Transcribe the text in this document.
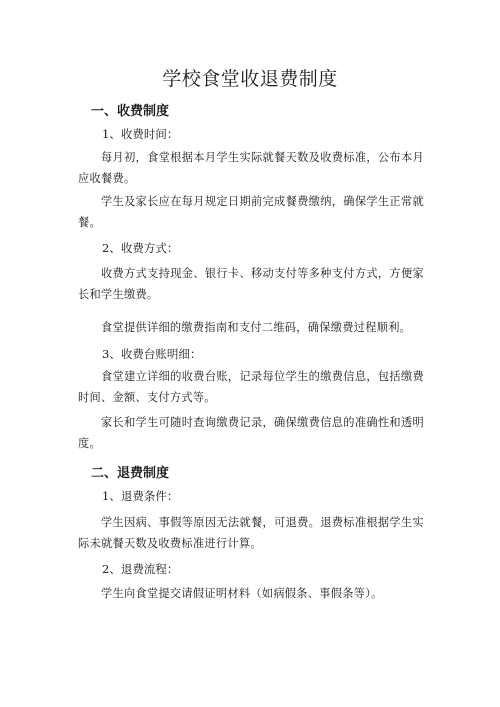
学校食堂收退费制度
一、收费制度

1、收费时间：

每月初，食堂根据本月学生实际就餐天数及收费标准，公布本月应收餐费。

学生及家长应在每月规定日期前完成餐费缴纳，确保学生正常就餐。

2、收费方式：

收费方式支持现金、银行卡、移动支付等多种支付方式，方便家长和学生缴费。

食堂提供详细的缴费指南和支付二维码，确保缴费过程顺利。

3、收费台账明细：

食堂建立详细的收费台账，记录每位学生的缴费信息，包括缴费时间、金额、支付方式等。

家长和学生可随时查询缴费记录，确保缴费信息的准确性和透明度。

二、退费制度

1、退费条件：

学生因病、事假等原因无法就餐，可退费。退费标准根据学生实际未就餐天数及收费标准进行计算。

2、退费流程：

学生向食堂提交请假证明材料（如病假条、事假条等）。
